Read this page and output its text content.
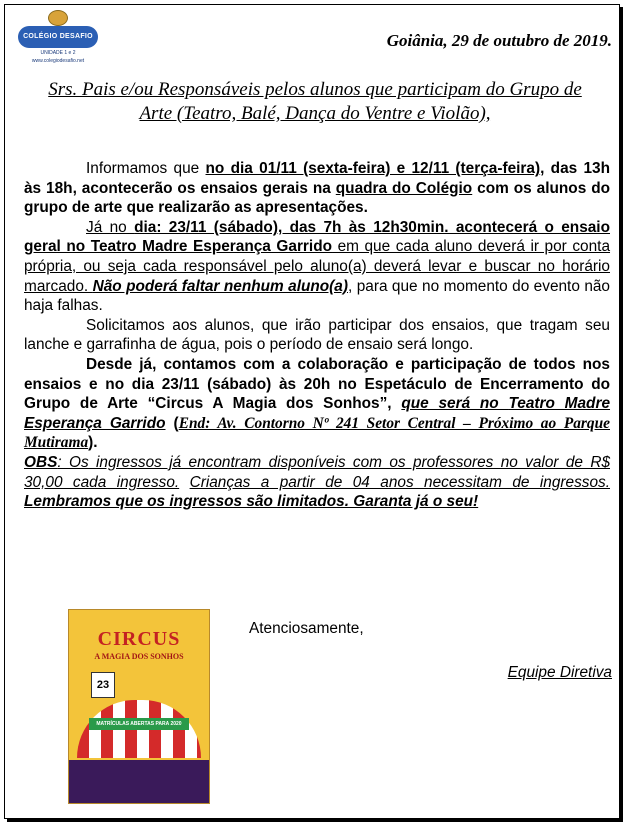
COLÉGIO DESAFIO
UNIDADE 1 e 2
www.colegiodesafio.net
Goiânia, 29 de outubro de 2019.
Srs. Pais e/ou Responsáveis pelos alunos que participam do Grupo de Arte (Teatro, Balé, Dança do Ventre e Violão),

Informamos que no dia 01/11 (sexta-feira) e 12/11 (terça-feira), das 13h às 18h, acontecerão os ensaios gerais na quadra do Colégio com os alunos do grupo de arte que realizarão as apresentações.

Já no dia: 23/11 (sábado), das 7h às 12h30min. acontecerá o ensaio geral no Teatro Madre Esperança Garrido em que cada aluno deverá ir por conta própria, ou seja cada responsável pelo aluno(a) deverá levar e buscar no horário marcado. Não poderá faltar nenhum aluno(a), para que no momento do evento não haja falhas.

Solicitamos aos alunos, que irão participar dos ensaios, que tragam seu lanche e garrafinha de água, pois o período de ensaio será longo.

Desde já, contamos com a colaboração e participação de todos nos ensaios e no dia 23/11 (sábado) às 20h no Espetáculo de Encerramento do Grupo de Arte “Circus A Magia dos Sonhos”, que será no Teatro Madre Esperança Garrido (End: Av. Contorno Nº 241 Setor Central – Próximo ao Parque Mutirama).

OBS: Os ingressos já encontram disponíveis com os professores no valor de R$ 30,00 cada ingresso. Crianças a partir de 04 anos necessitam de ingressos. Lembramos que os ingressos são limitados. Garanta já o seu!

CIRCUS
A MAGIA DOS SONHOS
23
MATRÍCULAS ABERTAS PARA 2020
Atenciosamente,
Equipe Diretiva
